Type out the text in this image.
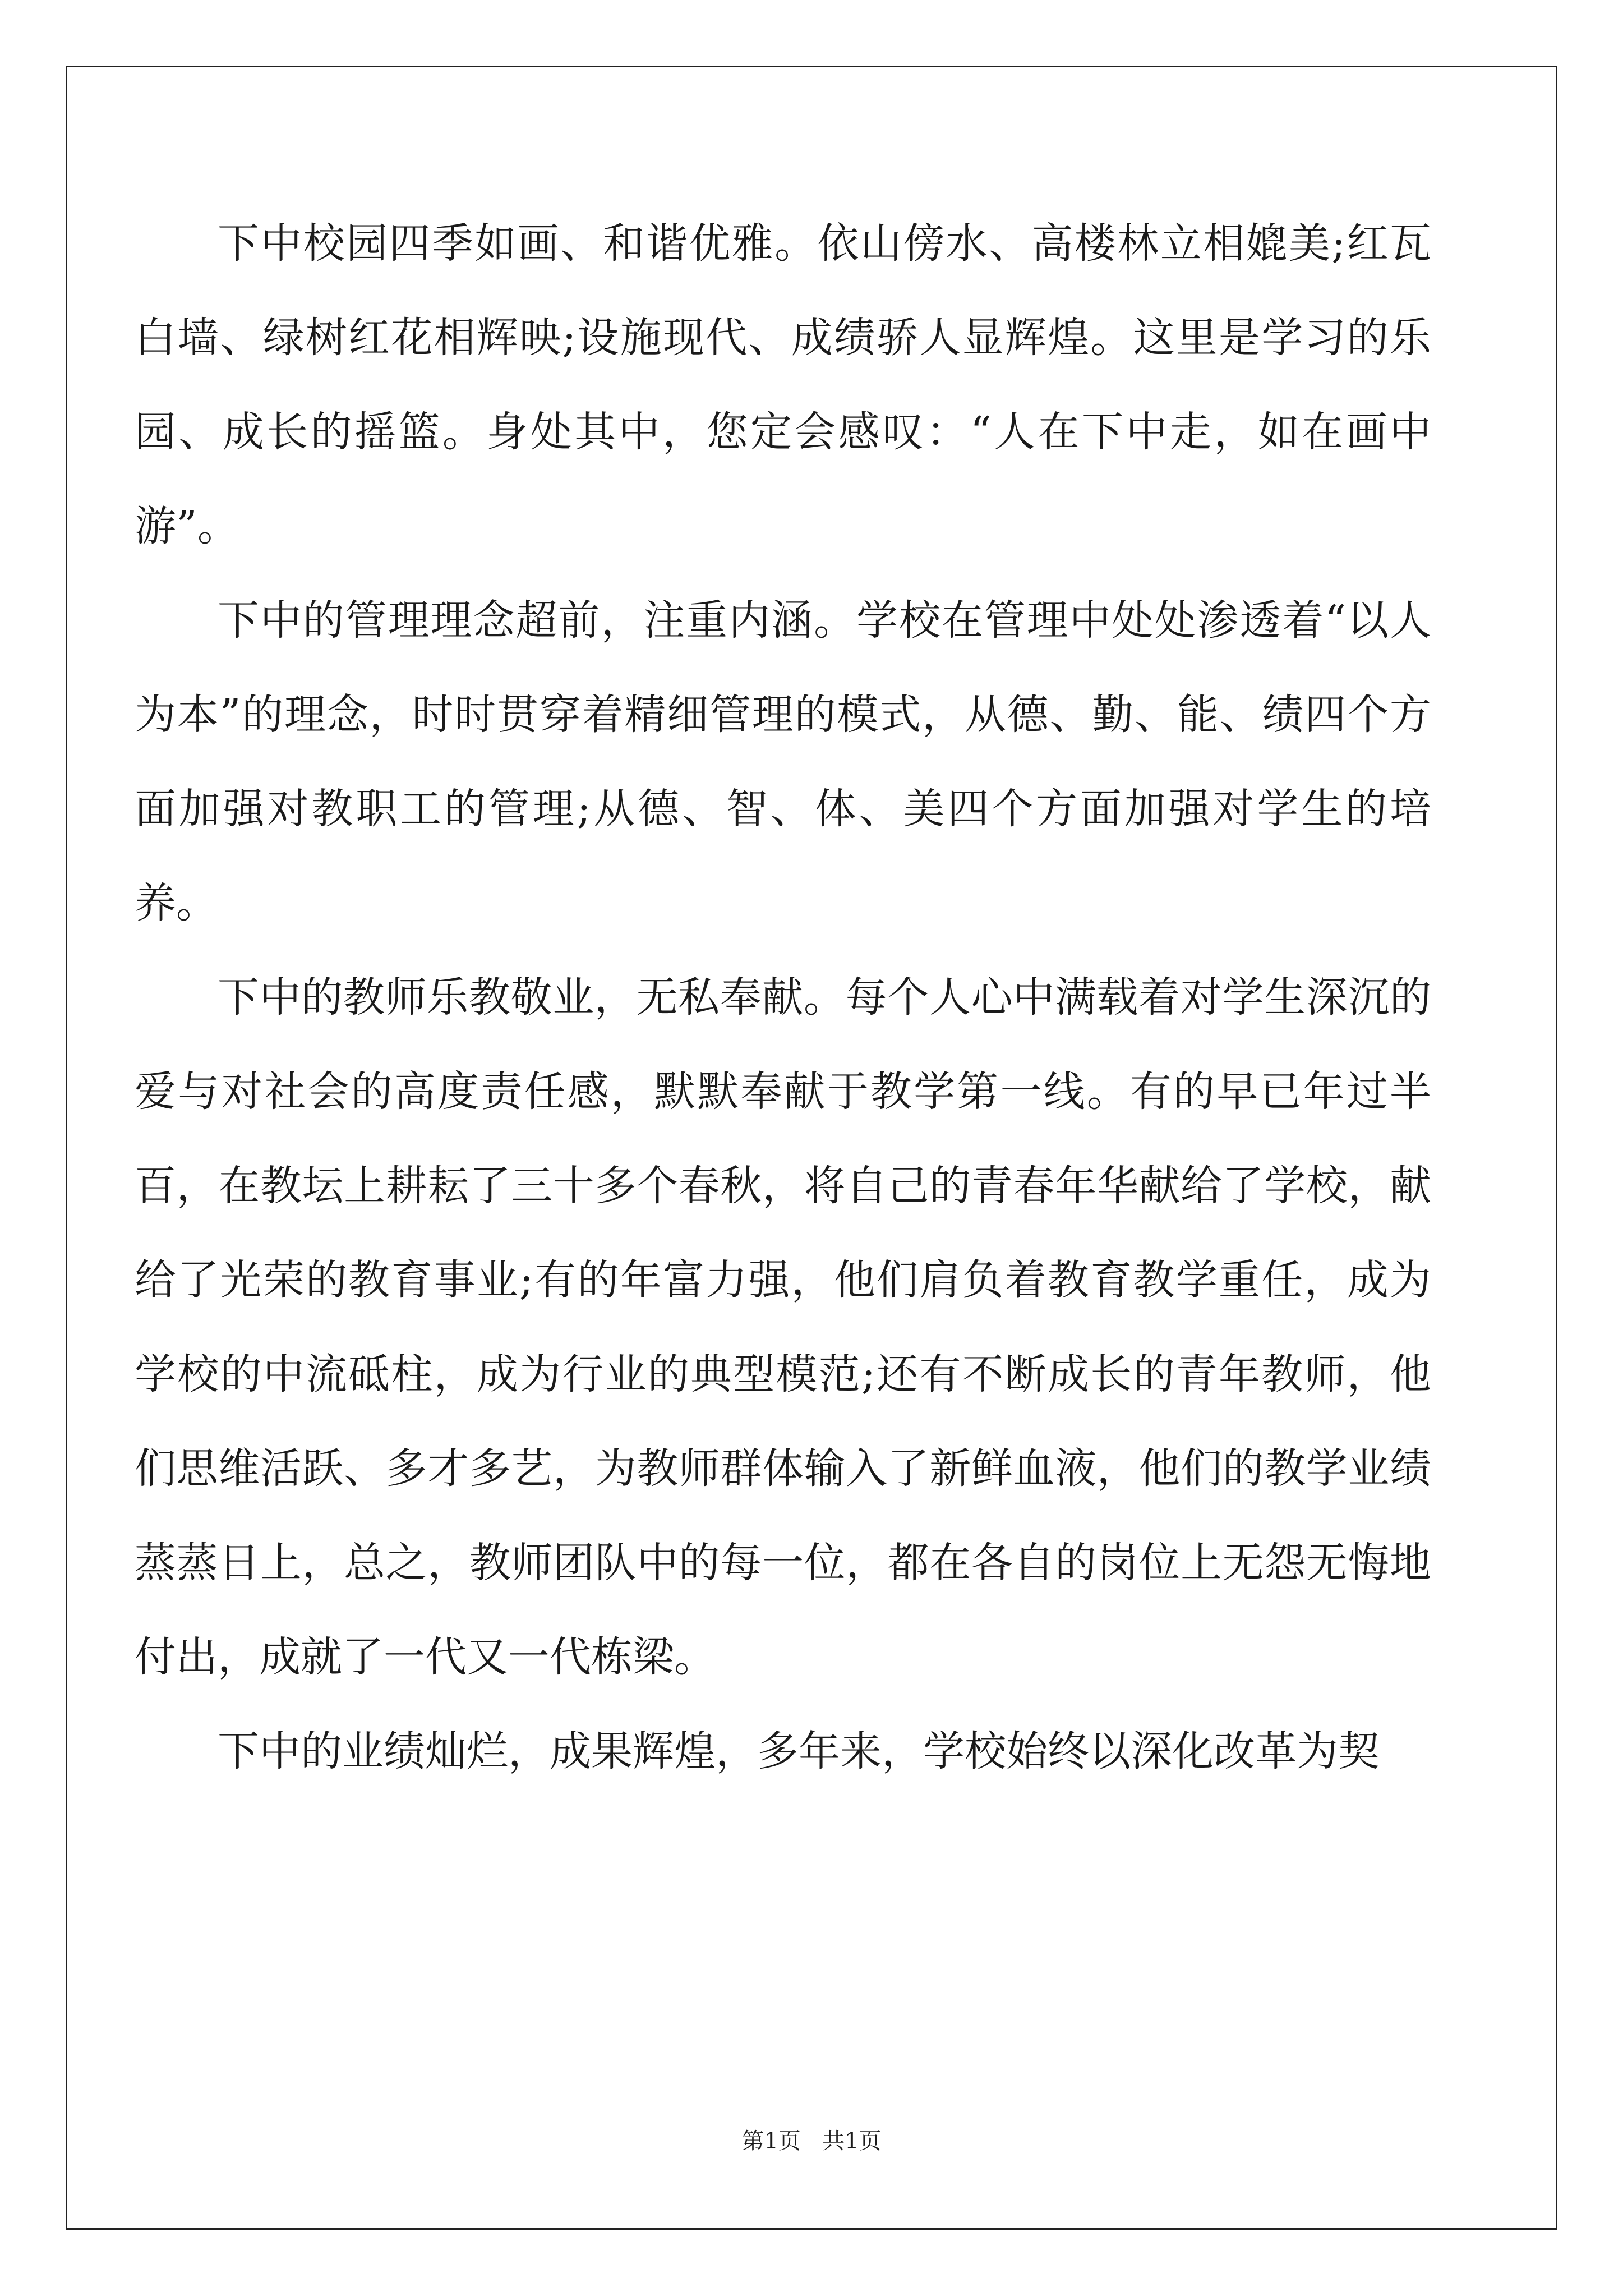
下中校园四季如画、和谐优雅。依山傍水、高楼林立相媲美;红瓦白墙、绿树红花相辉映;设施现代、成绩骄人显辉煌。这里是学习的乐园、成长的摇篮。身处其中，您定会感叹：“人在下中走，如在画中游”。

下中的管理理念超前，注重内涵。学校在管理中处处渗透着“以人为本”的理念，时时贯穿着精细管理的模式，从德、勤、能、绩四个方面加强对教职工的管理;从德、智、体、美四个方面加强对学生的培养。

下中的教师乐教敬业，无私奉献。每个人心中满载着对学生深沉的爱与对社会的高度责任感，默默奉献于教学第一线。有的早已年过半百，在教坛上耕耘了三十多个春秋，将自己的青春年华献给了学校，献给了光荣的教育事业;有的年富力强，他们肩负着教育教学重任，成为学校的中流砥柱，成为行业的典型模范;还有不断成长的青年教师，他们思维活跃、多才多艺，为教师群体输入了新鲜血液，他们的教学业绩蒸蒸日上，总之，教师团队中的每一位，都在各自的岗位上无怨无悔地付出，成就了一代又一代栋梁。

下中的业绩灿烂，成果辉煌，多年来，学校始终以深化改革为契

第1页 共1页
